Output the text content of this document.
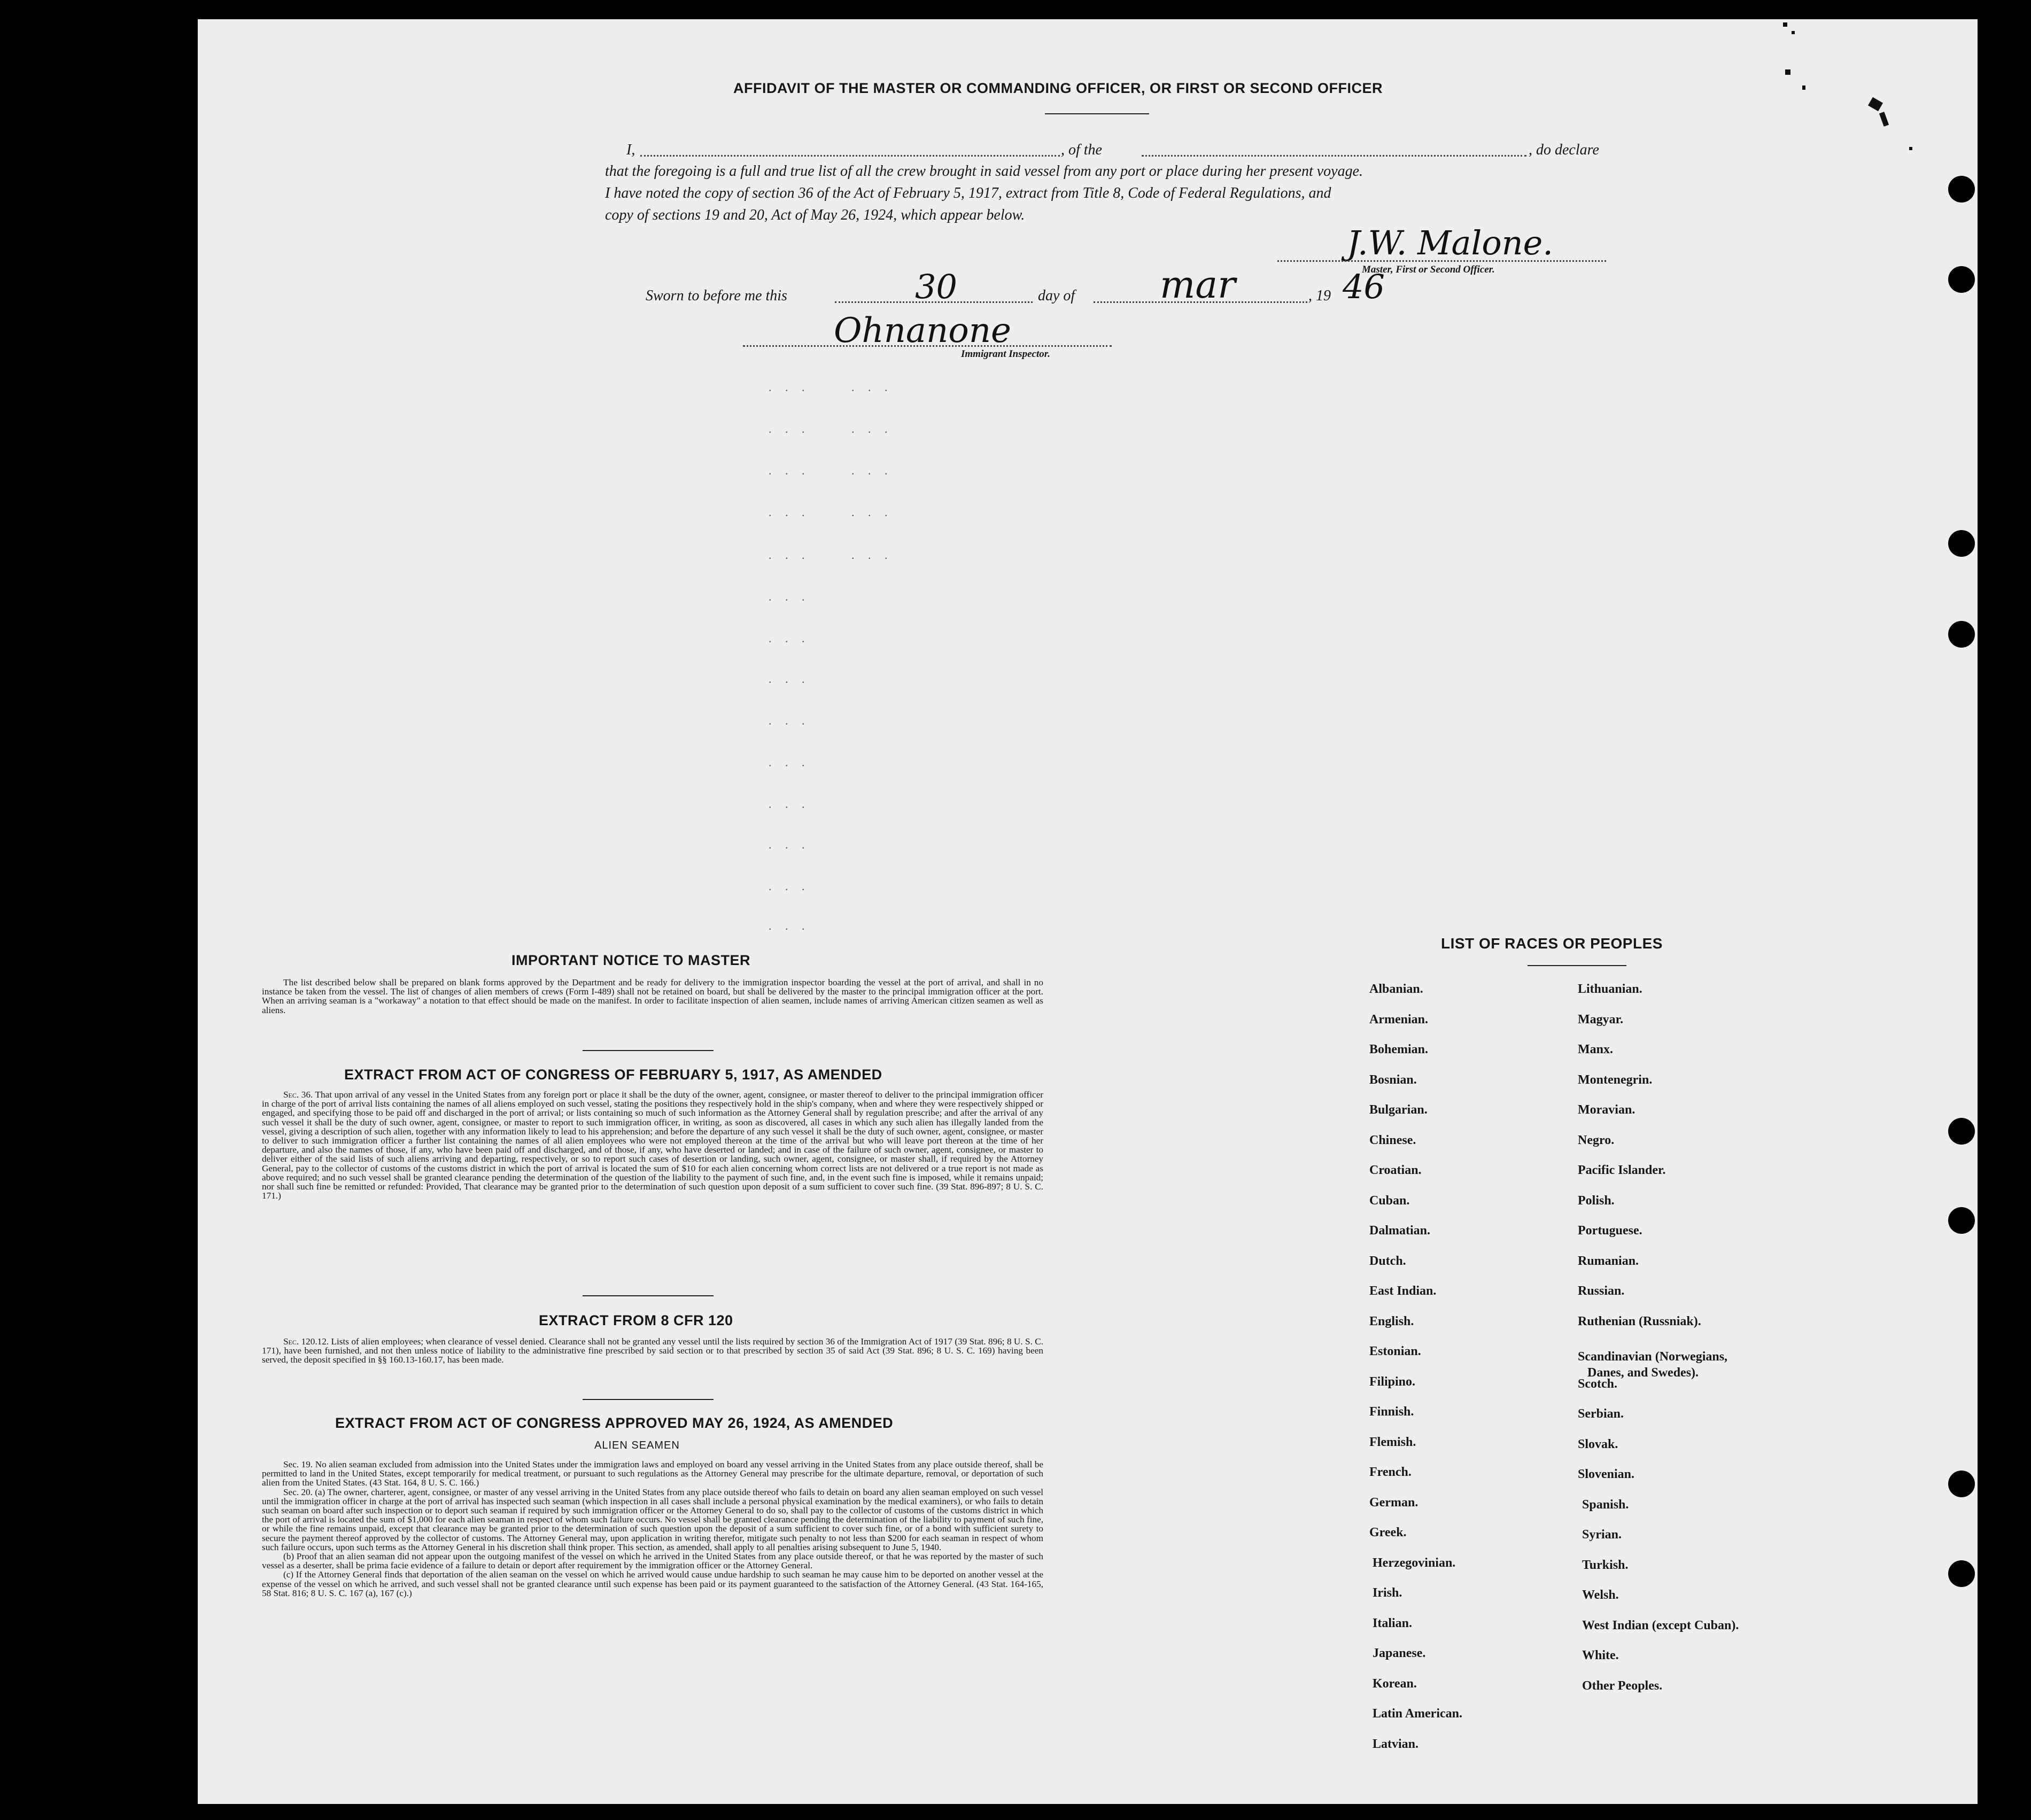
AFFIDAVIT OF THE MASTER OR COMMANDING OFFICER, OR FIRST OR SECOND OFFICER
I,	, of the	, do declare
that the foregoing is a full and true list of all the crew brought in said vessel from any port or place during her present voyage.
I have noted the copy of section 36 of the Act of February 5, 1917, extract from Title 8, Code of Federal Regulations, and
copy of sections 19 and 20, Act of May 26, 1924, which appear below.
J.W. Malone.
Master, First or Second Officer.
Sworn to before me this	30	day of mar	, 19 46
Ohnanone
Immigrant Inspector.
. . .     . . .
. . .     . . .
. . .     . . .
. . .     . . .
. . .     . . .
. . .
. . .
. . .
. . .
. . .
. . .
. . .
. . .
. . .
IMPORTANT NOTICE TO MASTER

The list described below shall be prepared on blank forms approved by the Department and be ready for delivery to the immigration inspector boarding the vessel at the port of arrival, and shall in no instance be taken from the vessel. The list of changes of alien members of crews (Form I-489) shall not be retained on board, but shall be delivered by the master to the principal immigration officer at the port. When an arriving seaman is a "workaway" a notation to that effect should be made on the manifest. In order to facilitate inspection of alien seamen, include names of arriving American citizen seamen as well as aliens.

EXTRACT FROM ACT OF CONGRESS OF FEBRUARY 5, 1917, AS AMENDED

Sec. 36. That upon arrival of any vessel in the United States from any foreign port or place it shall be the duty of the owner, agent, consignee, or master thereof to deliver to the principal immigration officer in charge of the port of arrival lists containing the names of all aliens employed on such vessel, stating the positions they respectively hold in the ship's company, when and where they were respectively shipped or engaged, and specifying those to be paid off and discharged in the port of arrival; or lists containing so much of such information as the Attorney General shall by regulation prescribe; and after the arrival of any such vessel it shall be the duty of such owner, agent, consignee, or master to report to such immigration officer, in writing, as soon as discovered, all cases in which any such alien has illegally landed from the vessel, giving a description of such alien, together with any information likely to lead to his apprehension; and before the departure of any such vessel it shall be the duty of such owner, agent, consignee, or master to deliver to such immigration officer a further list containing the names of all alien employees who were not employed thereon at the time of the arrival but who will leave port thereon at the time of her departure, and also the names of those, if any, who have been paid off and discharged, and of those, if any, who have deserted or landed; and in case of the failure of such owner, agent, consignee, or master to deliver either of the said lists of such aliens arriving and departing, respectively, or so to report such cases of desertion or landing, such owner, agent, consignee, or master shall, if required by the Attorney General, pay to the collector of customs of the customs district in which the port of arrival is located the sum of $10 for each alien concerning whom correct lists are not delivered or a true report is not made as above required; and no such vessel shall be granted clearance pending the determination of the question of the liability to the payment of such fine, and, in the event such fine is imposed, while it remains unpaid; nor shall such fine be remitted or refunded: Provided, That clearance may be granted prior to the determination of such question upon deposit of a sum sufficient to cover such fine. (39 Stat. 896-897; 8 U. S. C. 171.)

EXTRACT FROM 8 CFR 120

Sec. 120.12. Lists of alien employees; when clearance of vessel denied. Clearance shall not be granted any vessel until the lists required by section 36 of the Immigration Act of 1917 (39 Stat. 896; 8 U. S. C. 171), have been furnished, and not then unless notice of liability to the administrative fine prescribed by said section or to that prescribed by section 35 of said Act (39 Stat. 896; 8 U. S. C. 169) having been served, the deposit specified in §§ 160.13-160.17, has been made.

EXTRACT FROM ACT OF CONGRESS APPROVED MAY 26, 1924, AS AMENDED
ALIEN SEAMEN

Sec. 19. No alien seaman excluded from admission into the United States under the immigration laws and employed on board any vessel arriving in the United States from any place outside thereof, shall be permitted to land in the United States, except temporarily for medical treatment, or pursuant to such regulations as the Attorney General may prescribe for the ultimate departure, removal, or deportation of such alien from the United States. (43 Stat. 164, 8 U. S. C. 166.)

Sec. 20. (a) The owner, charterer, agent, consignee, or master of any vessel arriving in the United States from any place outside thereof who fails to detain on board any alien seaman employed on such vessel until the immigration officer in charge at the port of arrival has inspected such seaman (which inspection in all cases shall include a personal physical examination by the medical examiners), or who fails to detain such seaman on board after such inspection or to deport such seaman if required by such immigration officer or the Attorney General to do so, shall pay to the collector of customs of the customs district in which the port of arrival is located the sum of $1,000 for each alien seaman in respect of whom such failure occurs. No vessel shall be granted clearance pending the determination of the liability to payment of such fine, or while the fine remains unpaid, except that clearance may be granted prior to the determination of such question upon the deposit of a sum sufficient to cover such fine, or of a bond with sufficient surety to secure the payment thereof approved by the collector of customs. The Attorney General may, upon application in writing therefor, mitigate such penalty to not less than $200 for each seaman in respect of whom such failure occurs, upon such terms as the Attorney General in his discretion shall think proper. This section, as amended, shall apply to all penalties arising subsequent to June 5, 1940.

(b) Proof that an alien seaman did not appear upon the outgoing manifest of the vessel on which he arrived in the United States from any place outside thereof, or that he was reported by the master of such vessel as a deserter, shall be prima facie evidence of a failure to detain or deport after requirement by the immigration officer or the Attorney General.

(c) If the Attorney General finds that deportation of the alien seaman on the vessel on which he arrived would cause undue hardship to such seaman he may cause him to be deported on another vessel at the expense of the vessel on which he arrived, and such vessel shall not be granted clearance until such expense has been paid or its payment guaranteed to the satisfaction of the Attorney General. (43 Stat. 164-165, 58 Stat. 816; 8 U. S. C. 167 (a), 167 (c).)

LIST OF RACES OR PEOPLES
Albanian.
Armenian.
Bohemian.
Bosnian.
Bulgarian.
Chinese.
Croatian.
Cuban.
Dalmatian.
Dutch.
East Indian.
English.
Estonian.
Filipino.
Finnish.
Flemish.
French.
German.
Greek.
Herzegovinian.
Irish.
Italian.
Japanese.
Korean.
Latin American.
Latvian.
Lithuanian.
Magyar.
Manx.
Montenegrin.
Moravian.
Negro.
Pacific Islander.
Polish.
Portuguese.
Rumanian.
Russian.
Ruthenian (Russniak).
Scandinavian (Norwegians,
Danes, and Swedes).
Scotch.
Serbian.
Slovak.
Slovenian.
Spanish.
Syrian.
Turkish.
Welsh.
West Indian (except Cuban).
White.
Other Peoples.
